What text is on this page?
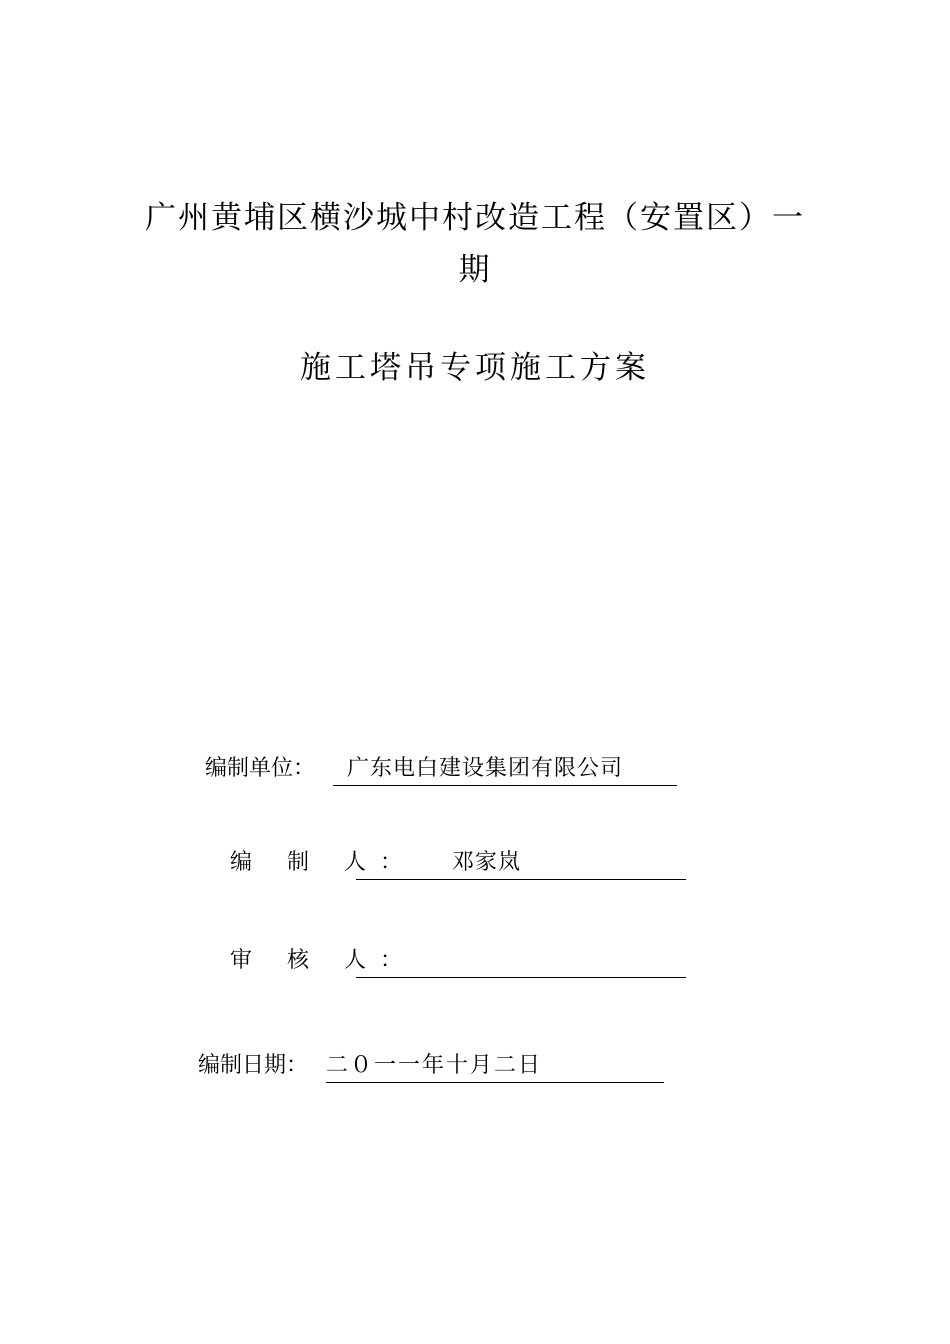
广州黄埔区横沙城中村改造工程（安置区）一
期
施工塔吊专项施工方案
编制单位： 广东电白建设集团有限公司
编 制 人： 邓家岚
审 核 人：
编制日期： 二０一一年十月二日
